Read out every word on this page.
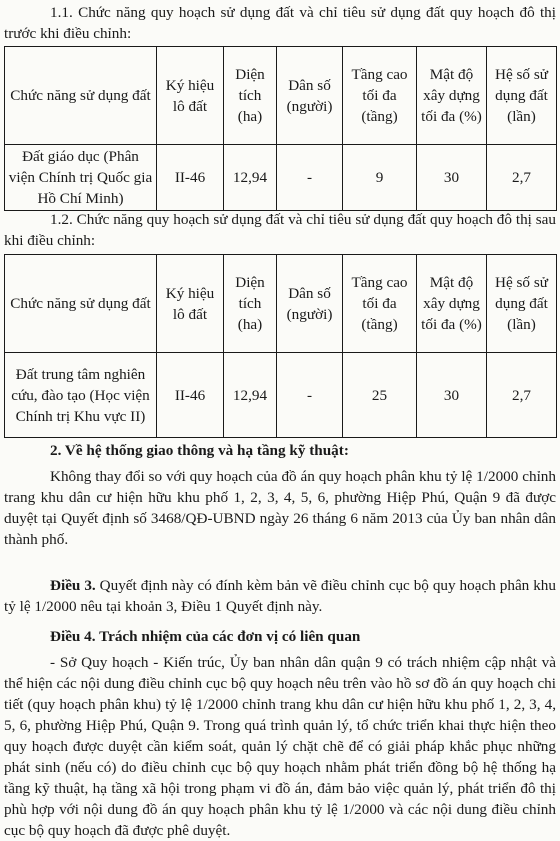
1.1. Chức năng quy hoạch sử dụng đất và chỉ tiêu sử dụng đất quy hoạch đô thị trước khi điều chỉnh:
Chức năng sử dụng đất	Ký hiệu lô đất	Diện tích (ha)	Dân số (người)	Tầng cao tối đa (tầng)	Mật độ xây dựng tối đa (%)	Hệ số sử dụng đất (lần)
Đất giáo dục (Phân viện Chính trị Quốc gia Hồ Chí Minh)	II-46	12,94	-	9	30	2,7
1.2. Chức năng quy hoạch sử dụng đất và chỉ tiêu sử dụng đất quy hoạch đô thị sau khi điều chỉnh:
Chức năng sử dụng đất	Ký hiệu lô đất	Diện tích (ha)	Dân số (người)	Tầng cao tối đa (tầng)	Mật độ xây dựng tối đa (%)	Hệ số sử dụng đất (lần)
Đất trung tâm nghiên cứu, đào tạo (Học viện Chính trị Khu vực II)	II-46	12,94	-	25	30	2,7
2. Về hệ thống giao thông và hạ tầng kỹ thuật:
Không thay đổi so với quy hoạch của đồ án quy hoạch phân khu tỷ lệ 1/2000 chỉnh trang khu dân cư hiện hữu khu phố 1, 2, 3, 4, 5, 6, phường Hiệp Phú, Quận 9 đã được duyệt tại Quyết định số 3468/QĐ-UBND ngày 26 tháng 6 năm 2013 của Ủy ban nhân dân thành phố.
Điều 3. Quyết định này có đính kèm bản vẽ điều chỉnh cục bộ quy hoạch phân khu tỷ lệ 1/2000 nêu tại khoản 3, Điều 1 Quyết định này.
Điều 4. Trách nhiệm của các đơn vị có liên quan
- Sở Quy hoạch - Kiến trúc, Ủy ban nhân dân quận 9 có trách nhiệm cập nhật và thể hiện các nội dung điều chỉnh cục bộ quy hoạch nêu trên vào hồ sơ đồ án quy hoạch chi tiết (quy hoạch phân khu) tỷ lệ 1/2000 chỉnh trang khu dân cư hiện hữu khu phố 1, 2, 3, 4, 5, 6, phường Hiệp Phú, Quận 9. Trong quá trình quản lý, tổ chức triển khai thực hiện theo quy hoạch được duyệt cần kiểm soát, quản lý chặt chẽ để có giải pháp khắc phục những phát sinh (nếu có) do điều chỉnh cục bộ quy hoạch nhằm phát triển đồng bộ hệ thống hạ tầng kỹ thuật, hạ tầng xã hội trong phạm vi đồ án, đảm bảo việc quản lý, phát triển đô thị phù hợp với nội dung đồ án quy hoạch phân khu tỷ lệ 1/2000 và các nội dung điều chỉnh cục bộ quy hoạch đã được phê duyệt.
